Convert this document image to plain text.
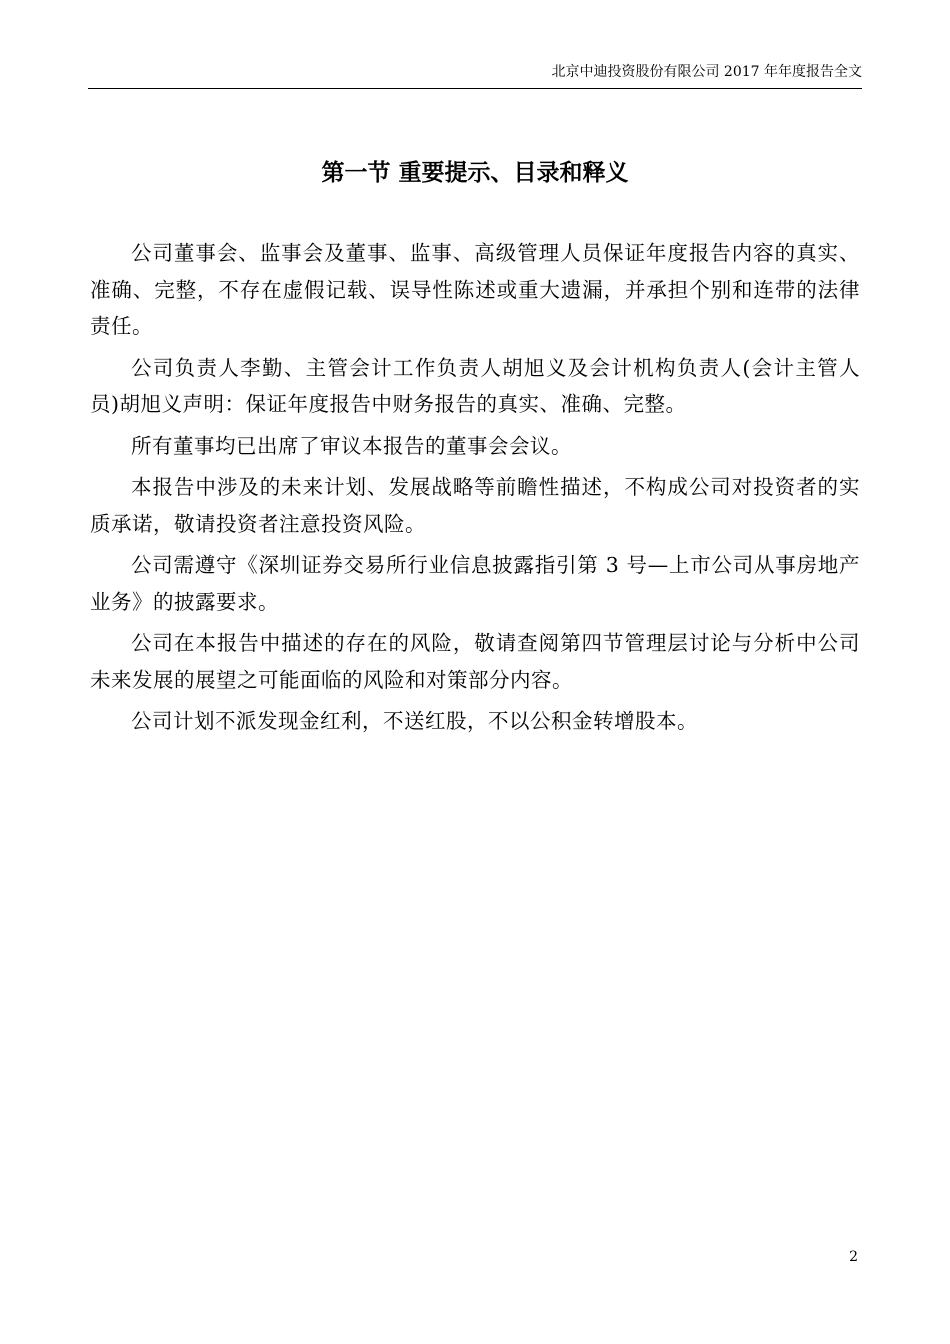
北京中迪投资股份有限公司 2017 年年度报告全文
第一节 重要提示、目录和释义

公司董事会、监事会及董事、监事、高级管理人员保证年度报告内容的真实、准确、完整，不存在虚假记载、误导性陈述或重大遗漏，并承担个别和连带的法律责任。

公司负责人李勤、主管会计工作负责人胡旭义及会计机构负责人(会计主管人员)胡旭义声明：保证年度报告中财务报告的真实、准确、完整。

所有董事均已出席了审议本报告的董事会会议。

本报告中涉及的未来计划、发展战略等前瞻性描述，不构成公司对投资者的实质承诺，敬请投资者注意投资风险。

公司需遵守《深圳证券交易所行业信息披露指引第 3 号—上市公司从事房地产业务》的披露要求。

公司在本报告中描述的存在的风险，敬请查阅第四节管理层讨论与分析中公司未来发展的展望之可能面临的风险和对策部分内容。

公司计划不派发现金红利，不送红股，不以公积金转增股本。

2
